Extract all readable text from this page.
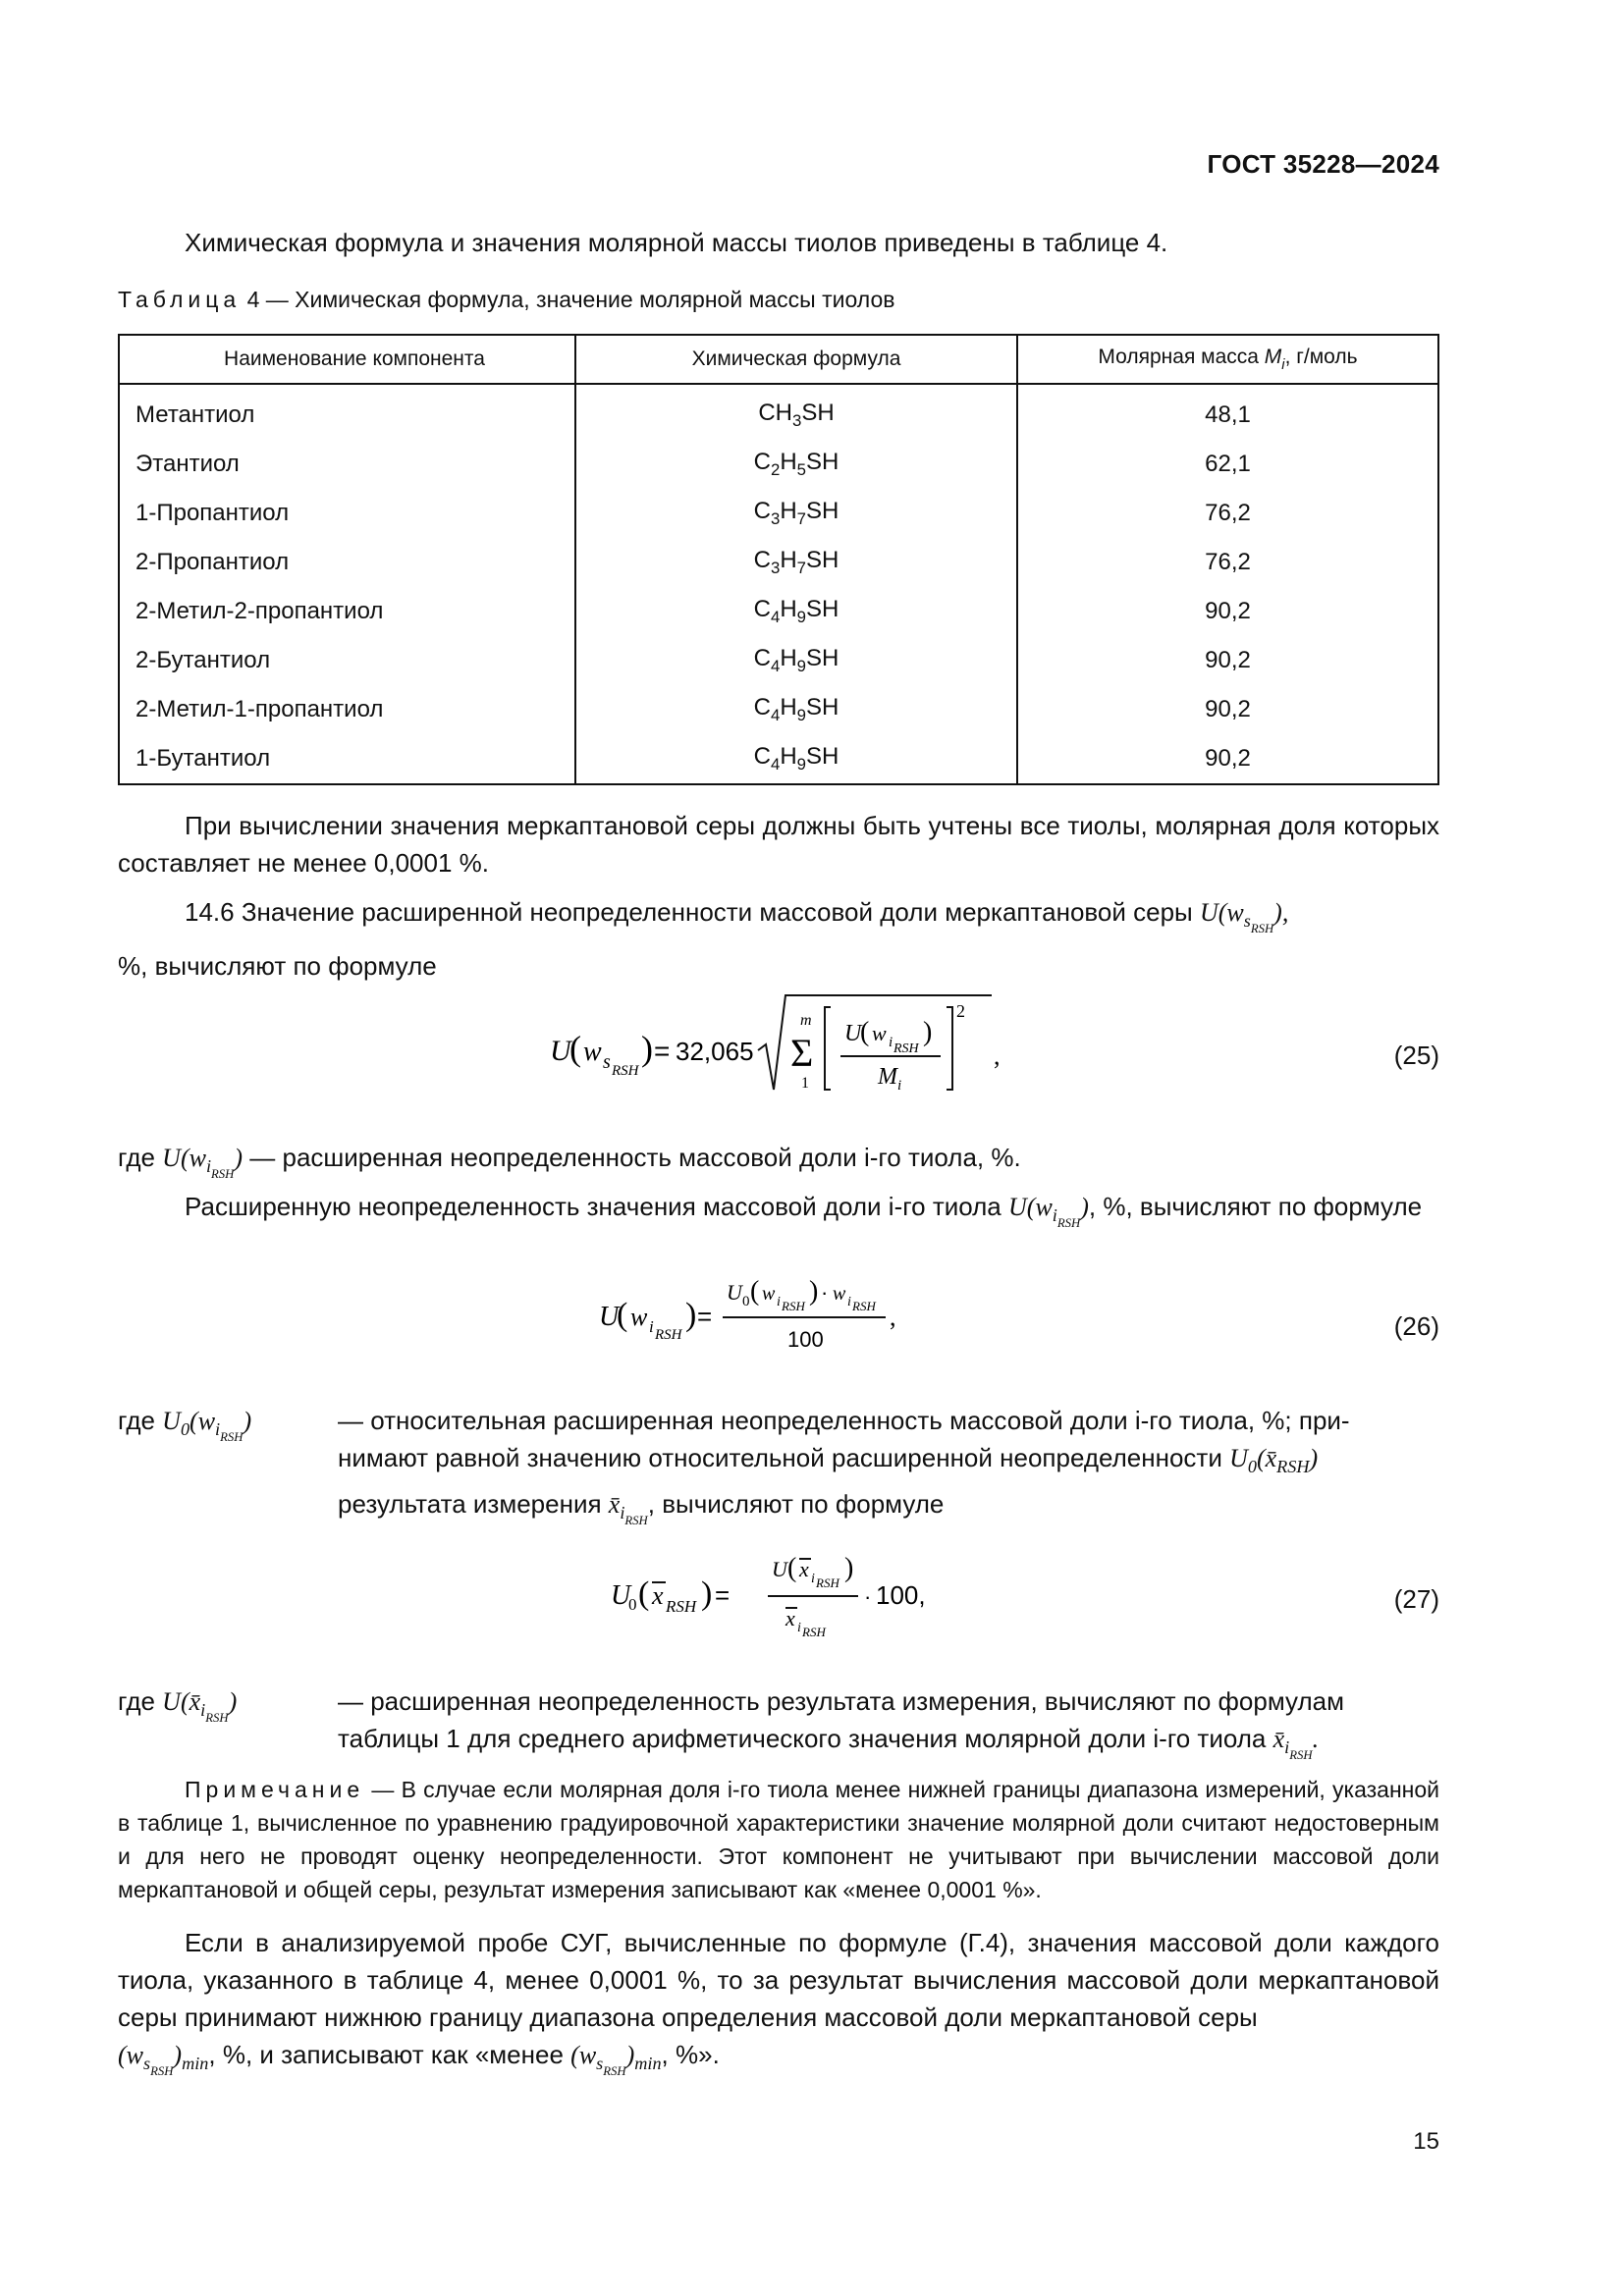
ГОСТ 35228—2024
Химическая формула и значения молярной массы тиолов приведены в таблице 4.
Таблица 4 — Химическая формула, значение молярной массы тиолов
Наименование компонента	Химическая формула	Молярная масса $M_i$, г/моль
Метантиол	$CH_3SH$	48,1
Этантиол	$C_2H_5SH$	62,1
1-Пропантиол	$C_3H_7SH$	76,2
2-Пропантиол	$C_3H_7SH$	76,2
2-Метил-2-пропантиол	$C_4H_9SH$	90,2
2-Бутантиол	$C_4H_9SH$	90,2
2-Метил-1-пропантиол	$C_4H_9SH$	90,2
1-Бутантиол	$C_4H_9SH$	90,2
При вычислении значения меркаптановой серы должны быть учтены все тиолы, молярная доля которых составляет не менее 0,0001 %.
14.6 Значение расширенной неопределенности массовой доли меркаптановой серы $U(w_{s_{RSH}})$,
%, вычисляют по формуле
U
( w s RSH
) = 32,065 Σ
m
1
U
( w i RSH
)
M i
2
,	(25)
где $U(w_{i_{RSH}})$ — расширенная неопределенность массовой доли i-го тиола, %.
Расширенную неопределенность значения массовой доли i-го тиола $U(w_{i_{RSH}})$, %, вычисляют по формуле
U
( w i RSH
) =
U 0 ( w i RSH ) · w i RSH
100
,	(26)
где $U_0(w_{i_{RSH}})$	— относительная расширенная неопределенность массовой доли i-го тиола, %; при-
нимают равной значению относительной расширенной неопределенности $U_0(x̄_{RSH})$
результата измерения $x̄_{i_{RSH}}$, вычисляют по формуле
U
0 ( x RSH ) =
U ( x i RSH )
x i RSH
· 100,	(27)
где $U(x̄_{i_{RSH}})$	— расширенная неопределенность результата измерения, вычисляют по формулам
таблицы 1 для среднего арифметического значения молярной доли i-го тиола $x̄_{i_{RSH}}$.
Примечание — В случае если молярная доля i-го тиола менее нижней границы диапазона измерений, указанной в таблице 1, вычисленное по уравнению градуировочной характеристики значение молярной доли считают недостоверным и для него не проводят оценку неопределенности. Этот компонент не учитывают при вычислении массовой доли меркаптановой и общей серы, результат измерения записывают как «менее 0,0001 %».
Если в анализируемой пробе СУГ, вычисленные по формуле (Г.4), значения массовой доли каждого тиола, указанного в таблице 4, менее 0,0001 %, то за результат вычисления массовой доли меркаптановой серы принимают нижнюю границу диапазона определения массовой доли меркаптановой серы
$(w_{s_{RSH}})_{min}$, %, и записывают как «менее $(w_{s_{RSH}})_{min}$, %».
15
